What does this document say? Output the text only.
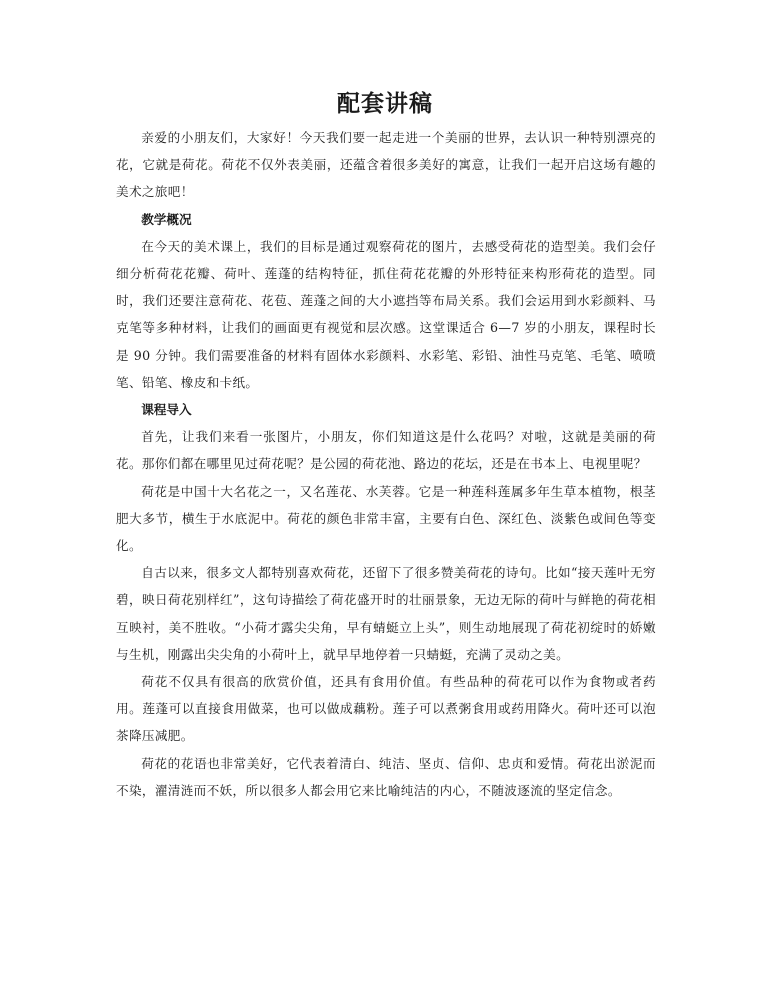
配套讲稿

亲爱的小朋友们，大家好！今天我们要一起走进一个美丽的世界，去认识一种特别漂亮的花，它就是荷花。荷花不仅外表美丽，还蕴含着很多美好的寓意，让我们一起开启这场有趣的美术之旅吧！

教学概况

在今天的美术课上，我们的目标是通过观察荷花的图片，去感受荷花的造型美。我们会仔细分析荷花花瓣、荷叶、莲蓬的结构特征，抓住荷花花瓣的外形特征来构形荷花的造型。同时，我们还要注意荷花、花苞、莲蓬之间的大小遮挡等布局关系。我们会运用到水彩颜料、马克笔等多种材料，让我们的画面更有视觉和层次感。这堂课适合 6—7 岁的小朋友，课程时长是 90 分钟。我们需要准备的材料有固体水彩颜料、水彩笔、彩铅、油性马克笔、毛笔、喷喷笔、铅笔、橡皮和卡纸。

课程导入

首先，让我们来看一张图片，小朋友，你们知道这是什么花吗？对啦，这就是美丽的荷花。那你们都在哪里见过荷花呢？是公园的荷花池、路边的花坛，还是在书本上、电视里呢？

荷花是中国十大名花之一，又名莲花、水芙蓉。它是一种莲科莲属多年生草本植物，根茎肥大多节，横生于水底泥中。荷花的颜色非常丰富，主要有白色、深红色、淡紫色或间色等变化。

自古以来，很多文人都特别喜欢荷花，还留下了很多赞美荷花的诗句。比如“接天莲叶无穷碧，映日荷花别样红”，这句诗描绘了荷花盛开时的壮丽景象，无边无际的荷叶与鲜艳的荷花相互映衬，美不胜收。“小荷才露尖尖角，早有蜻蜓立上头”，则生动地展现了荷花初绽时的娇嫩与生机，刚露出尖尖角的小荷叶上，就早早地停着一只蜻蜓，充满了灵动之美。

荷花不仅具有很高的欣赏价值，还具有食用价值。有些品种的荷花可以作为食物或者药用。莲蓬可以直接食用做菜，也可以做成藕粉。莲子可以煮粥食用或药用降火。荷叶还可以泡茶降压减肥。

荷花的花语也非常美好，它代表着清白、纯洁、坚贞、信仰、忠贞和爱情。荷花出淤泥而不染，濯清涟而不妖，所以很多人都会用它来比喻纯洁的内心，不随波逐流的坚定信念。
